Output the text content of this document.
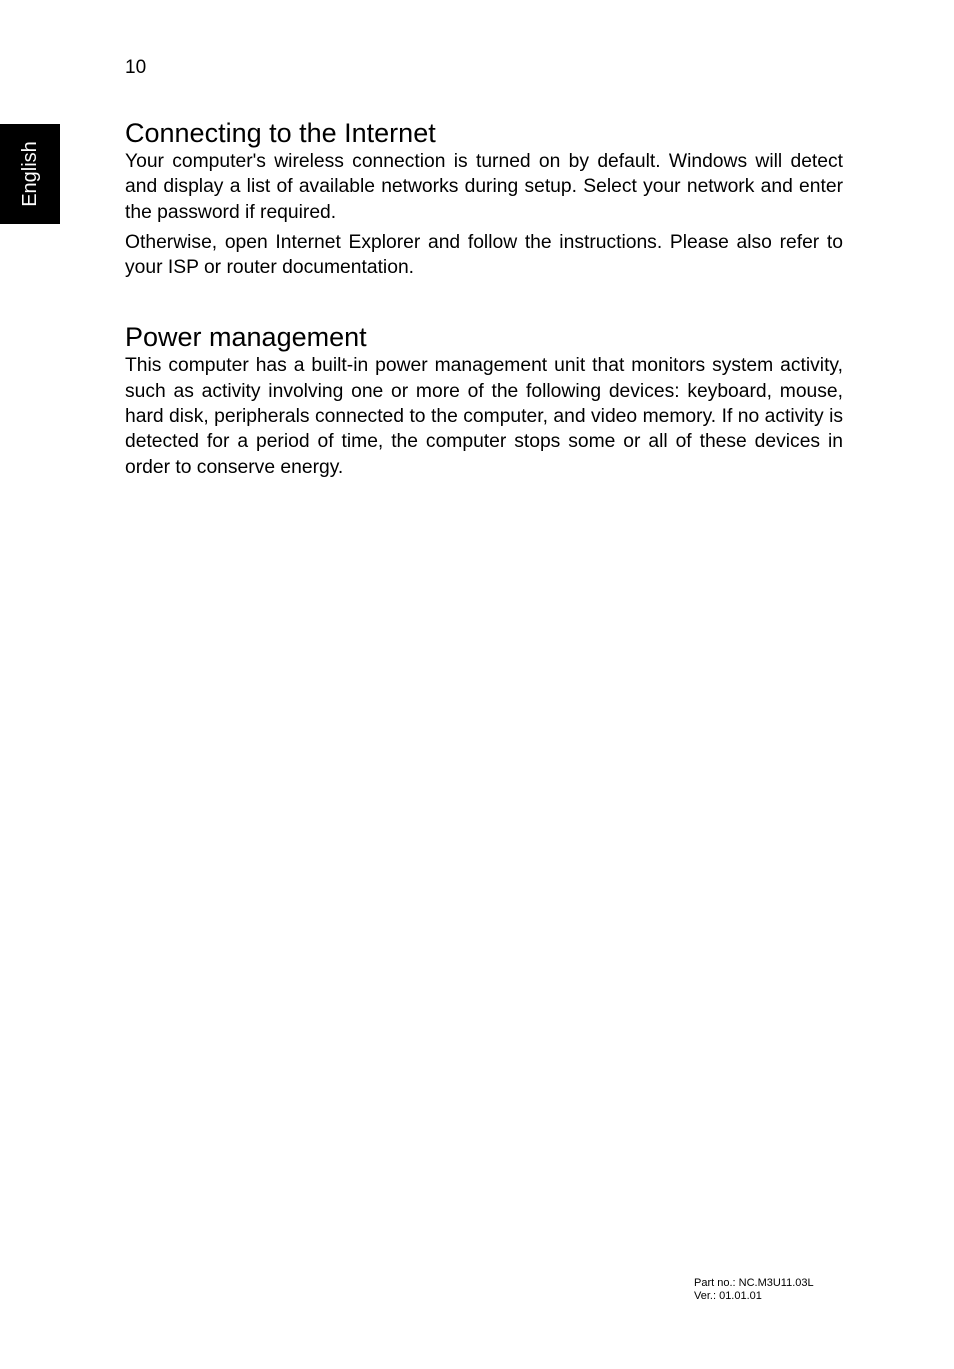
10
English
Connecting to the Internet

Your computer's wireless connection is turned on by default. Windows will detect and display a list of available networks during setup. Select your network and enter the password if required.

Otherwise, open Internet Explorer and follow the instructions. Please also refer to your ISP or router documentation.

Power management

This computer has a built-in power management unit that monitors system activity, such as activity involving one or more of the following devices: keyboard, mouse, hard disk, peripherals connected to the computer, and video memory. If no activity is detected for a period of time, the computer stops some or all of these devices in order to conserve energy.

Part no.: NC.M3U11.03L
Ver.: 01.01.01
